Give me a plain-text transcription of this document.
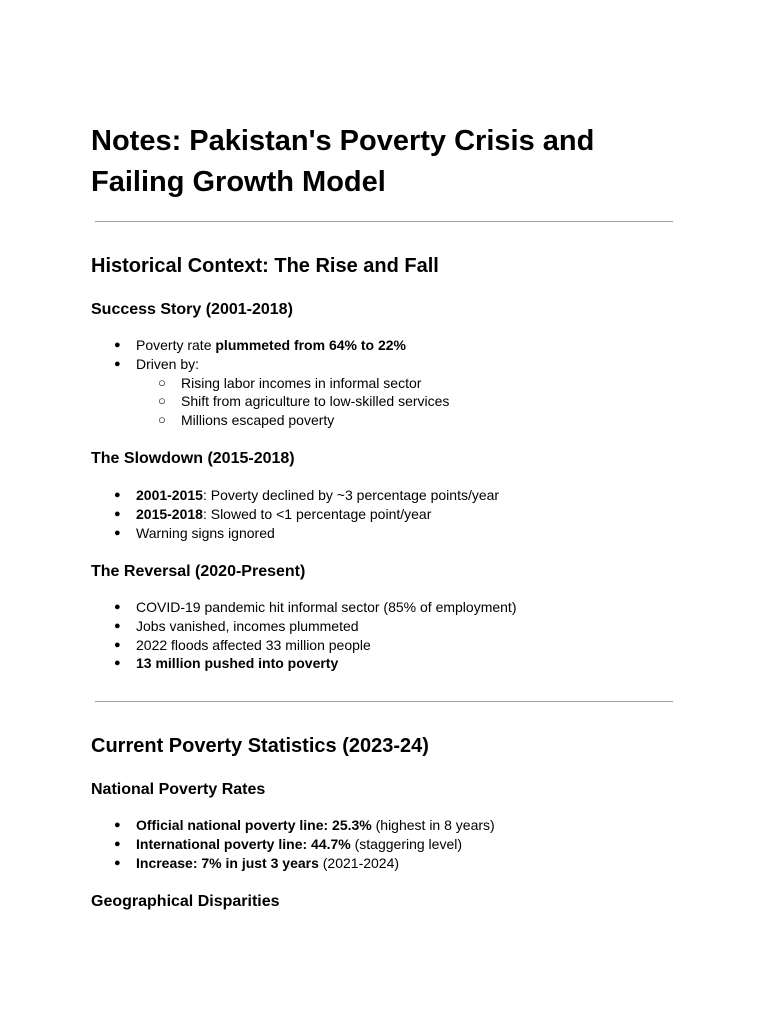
Notes: Pakistan's Poverty Crisis and Failing Growth Model
Historical Context: The Rise and Fall
Success Story (2001-2018)
● Poverty rate plummeted from 64% to 22%
● Driven by:
○ Rising labor incomes in informal sector
○ Shift from agriculture to low-skilled services
○ Millions escaped poverty
The Slowdown (2015-2018)
● 2001-2015: Poverty declined by ~3 percentage points/year
● 2015-2018: Slowed to <1 percentage point/year
● Warning signs ignored
The Reversal (2020-Present)
● COVID-19 pandemic hit informal sector (85% of employment)
● Jobs vanished, incomes plummeted
● 2022 floods affected 33 million people
● 13 million pushed into poverty
Current Poverty Statistics (2023-24)
National Poverty Rates
● Official national poverty line: 25.3% (highest in 8 years)
● International poverty line: 44.7% (staggering level)
● Increase: 7% in just 3 years (2021-2024)
Geographical Disparities
